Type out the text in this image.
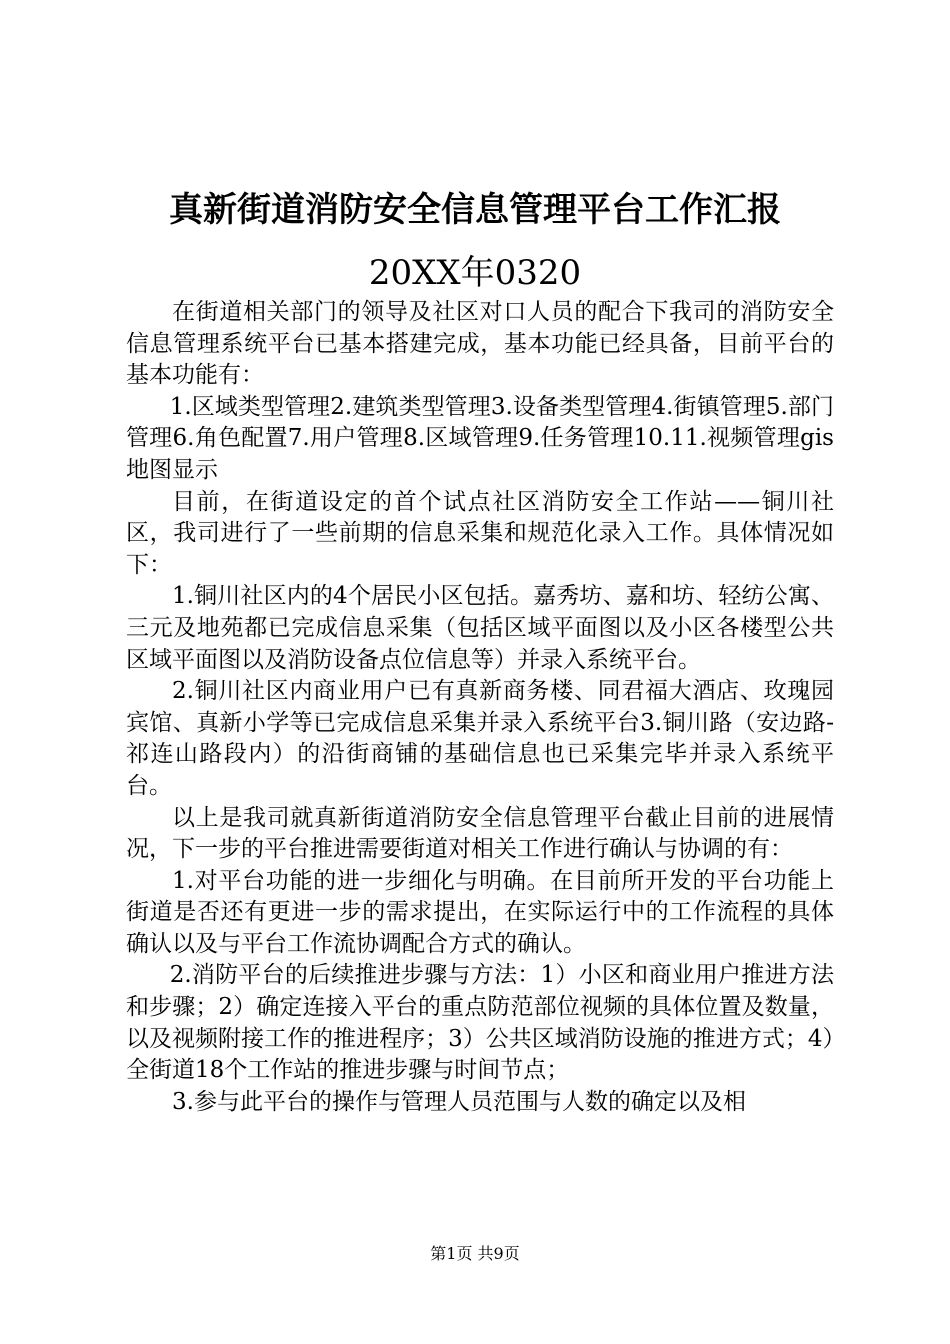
真新街道消防安全信息管理平台工作汇报
20XX年0320

在街道相关部门的领导及社区对口人员的配合下我司的消防安全信息管理系统平台已基本搭建完成，基本功能已经具备，目前平台的基本功能有：

1.区域类型管理2.建筑类型管理3.设备类型管理4.街镇管理5.部门管理6.角色配置7.用户管理8.区域管理9.任务管理10.11.视频管理gis地图显示

目前，在街道设定的首个试点社区消防安全工作站——铜川社区，我司进行了一些前期的信息采集和规范化录入工作。具体情况如下：

1.铜川社区内的4个居民小区包括。嘉秀坊、嘉和坊、轻纺公寓、三元及地苑都已完成信息采集（包括区域平面图以及小区各楼型公共区域平面图以及消防设备点位信息等）并录入系统平台。

2.铜川社区内商业用户已有真新商务楼、同君福大酒店、玫瑰园宾馆、真新小学等已完成信息采集并录入系统平台3.铜川路（安边路-祁连山路段内）的沿街商铺的基础信息也已采集完毕并录入系统平台。

以上是我司就真新街道消防安全信息管理平台截止目前的进展情况，下一步的平台推进需要街道对相关工作进行确认与协调的有：

1.对平台功能的进一步细化与明确。在目前所开发的平台功能上街道是否还有更进一步的需求提出，在实际运行中的工作流程的具体确认以及与平台工作流协调配合方式的确认。

2.消防平台的后续推进步骤与方法：1）小区和商业用户推进方法和步骤；2）确定连接入平台的重点防范部位视频的具体位置及数量，以及视频附接工作的推进程序；3）公共区域消防设施的推进方式；4）全街道18个工作站的推进步骤与时间节点；

3.参与此平台的操作与管理人员范围与人数的确定以及相

第1页 共9页
